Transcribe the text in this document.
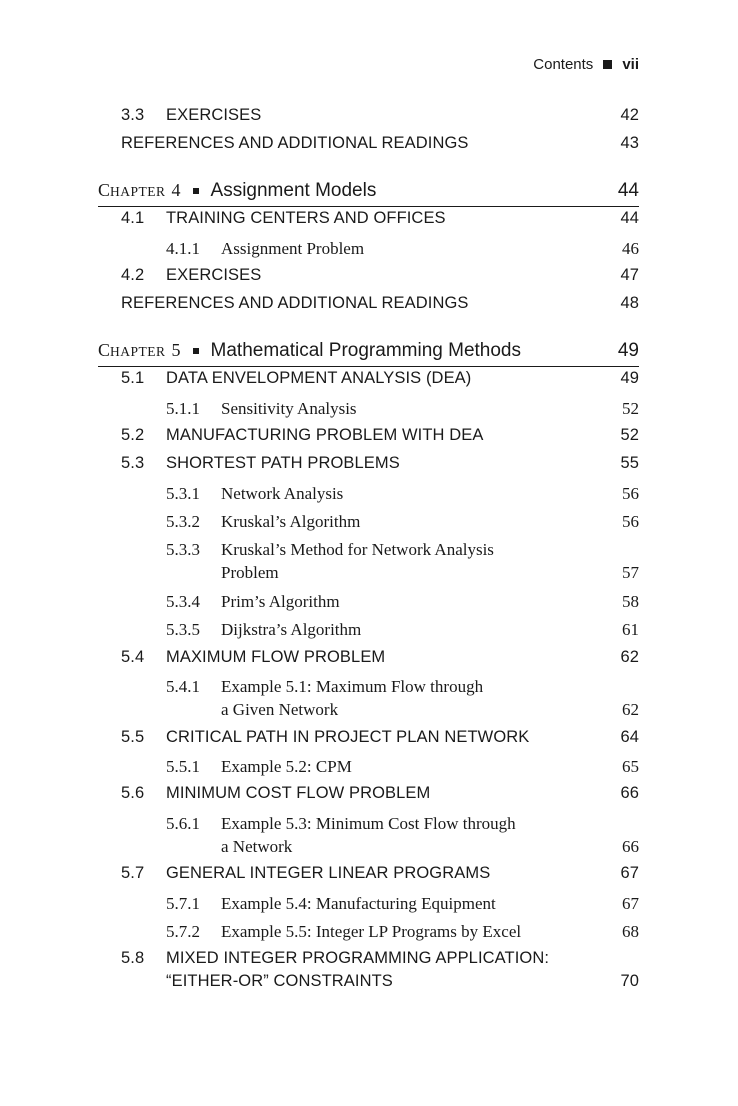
Contents vii
3.3 EXERCISES	42
REFERENCES AND ADDITIONAL READINGS	43
CHAPTER 4 Assignment Models	44
4.1 TRAINING CENTERS AND OFFICES	44
4.1.1 Assignment Problem	46
4.2 EXERCISES	47
REFERENCES AND ADDITIONAL READINGS	48
CHAPTER 5 Mathematical Programming Methods	49
5.1 DATA ENVELOPMENT ANALYSIS (DEA)	49
5.1.1 Sensitivity Analysis	52
5.2 MANUFACTURING PROBLEM WITH DEA	52
5.3 SHORTEST PATH PROBLEMS	55
5.3.1 Network Analysis	56
5.3.2 Kruskal’s Algorithm	56
5.3.3 Kruskal’s Method for Network Analysis
Problem	57
5.3.4 Prim’s Algorithm	58
5.3.5 Dijkstra’s Algorithm	61
5.4 MAXIMUM FLOW PROBLEM	62
5.4.1 Example 5.1: Maximum Flow through
a Given Network	62
5.5 CRITICAL PATH IN PROJECT PLAN NETWORK	64
5.5.1 Example 5.2: CPM	65
5.6 MINIMUM COST FLOW PROBLEM	66
5.6.1 Example 5.3: Minimum Cost Flow through
a Network	66
5.7 GENERAL INTEGER LINEAR PROGRAMS	67
5.7.1 Example 5.4: Manufacturing Equipment	67
5.7.2 Example 5.5: Integer LP Programs by Excel	68
5.8 MIXED INTEGER PROGRAMMING APPLICATION:
“EITHER-OR” CONSTRAINTS	70
